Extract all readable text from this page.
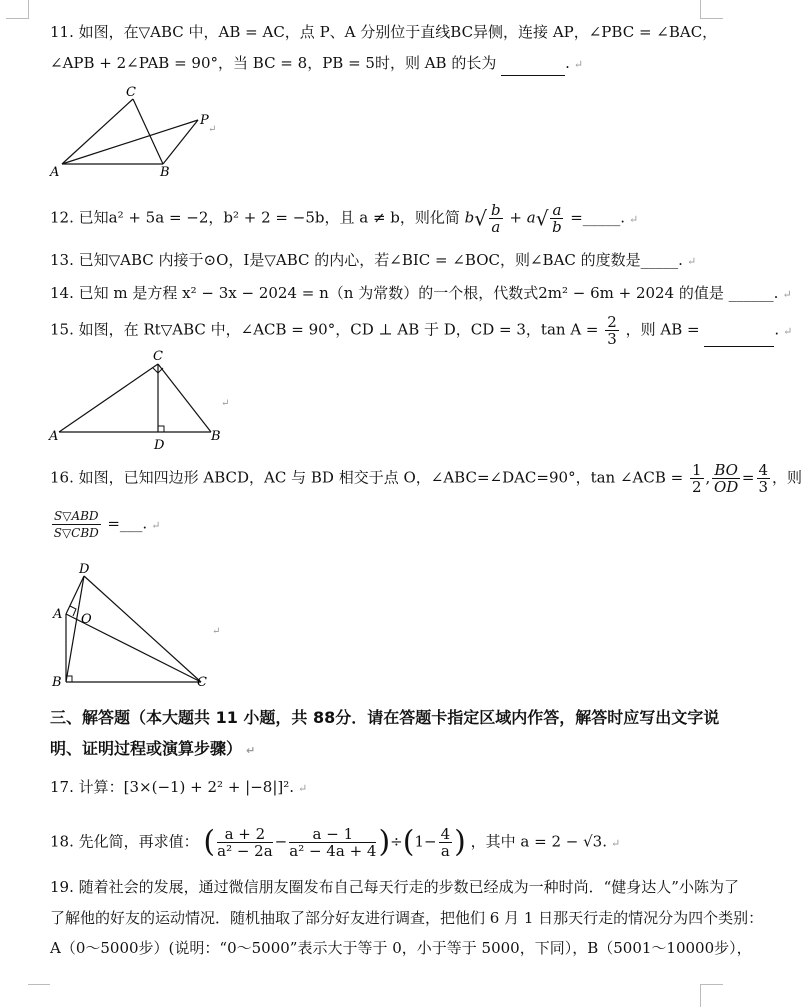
11. 如图，在▽ABC 中，AB = AC，点 P、A 分别位于直线BC异侧，连接 AP，∠PBC = ∠BAC，
∠APB + 2∠PAB = 90°，当 BC = 8，PB = 5时，则 AB 的长为	. ↵
C
P
A	B
↵
12. 已知a² + 5a = −2，b² + 2 = −5b，且 a ≠ b，则化简 $b√ \frac{b}{a} + a√ \frac{a}{b}$ =_____. ↵
13. 已知▽ABC 内接于⊙O，I是▽ABC 的内心，若∠BIC = ∠BOC，则∠BAC 的度数是_____. ↵
14. 已知 m 是方程 x² − 3x − 2024 = n（n 为常数）的一个根，代数式2m² − 6m + 2024 的值是 ______. ↵
15. 如图，在 Rt▽ABC 中，∠ACB = 90°，CD ⊥ AB 于 D，CD = 3，$\tan A = \frac{2}{3}$ ，则 AB =	. ↵
C
A
D
B
↵
16. 如图，已知四边形 ABCD，AC 与 BD 相交于点 O，∠ABC=∠DAC=90°，tan ∠ACB = $\frac{1}{2}$ , $\frac{BO}{OD} = \frac{4}{3}$ ，则
$\frac{\text{S▽ABD}}{\text{S▽CBD}}$ =___. ↵
D
A O
B	C
↵
三、解答题（本大题共 11 小题，共 88分．请在答题卡指定区域内作答，解答时应写出文字说
明、证明过程或演算步骤） ↵
17. 计算：[3×(−1) + 2² + |−8|]². ↵
18. 先化简，再求值： ( $\frac{a + 2}{\text{a² − 2a}} - \frac{a - 1}{\text{a² − 4a + 4}} )\div(1- \frac{4}{a}$ ) ，其中 a = 2 − √3. ↵
19. 随着社会的发展，通过微信朋友圈发布自己每天行走的步数已经成为一种时尚．“健身达人”小陈为了
了解他的好友的运动情况．随机抽取了部分好友进行调查，把他们 6 月 1 日那天行走的情况分为四个类别：
A（0～5000步）(说明：“0～5000”表示大于等于 0，小于等于 5000，下同），B（5001～10000步），
